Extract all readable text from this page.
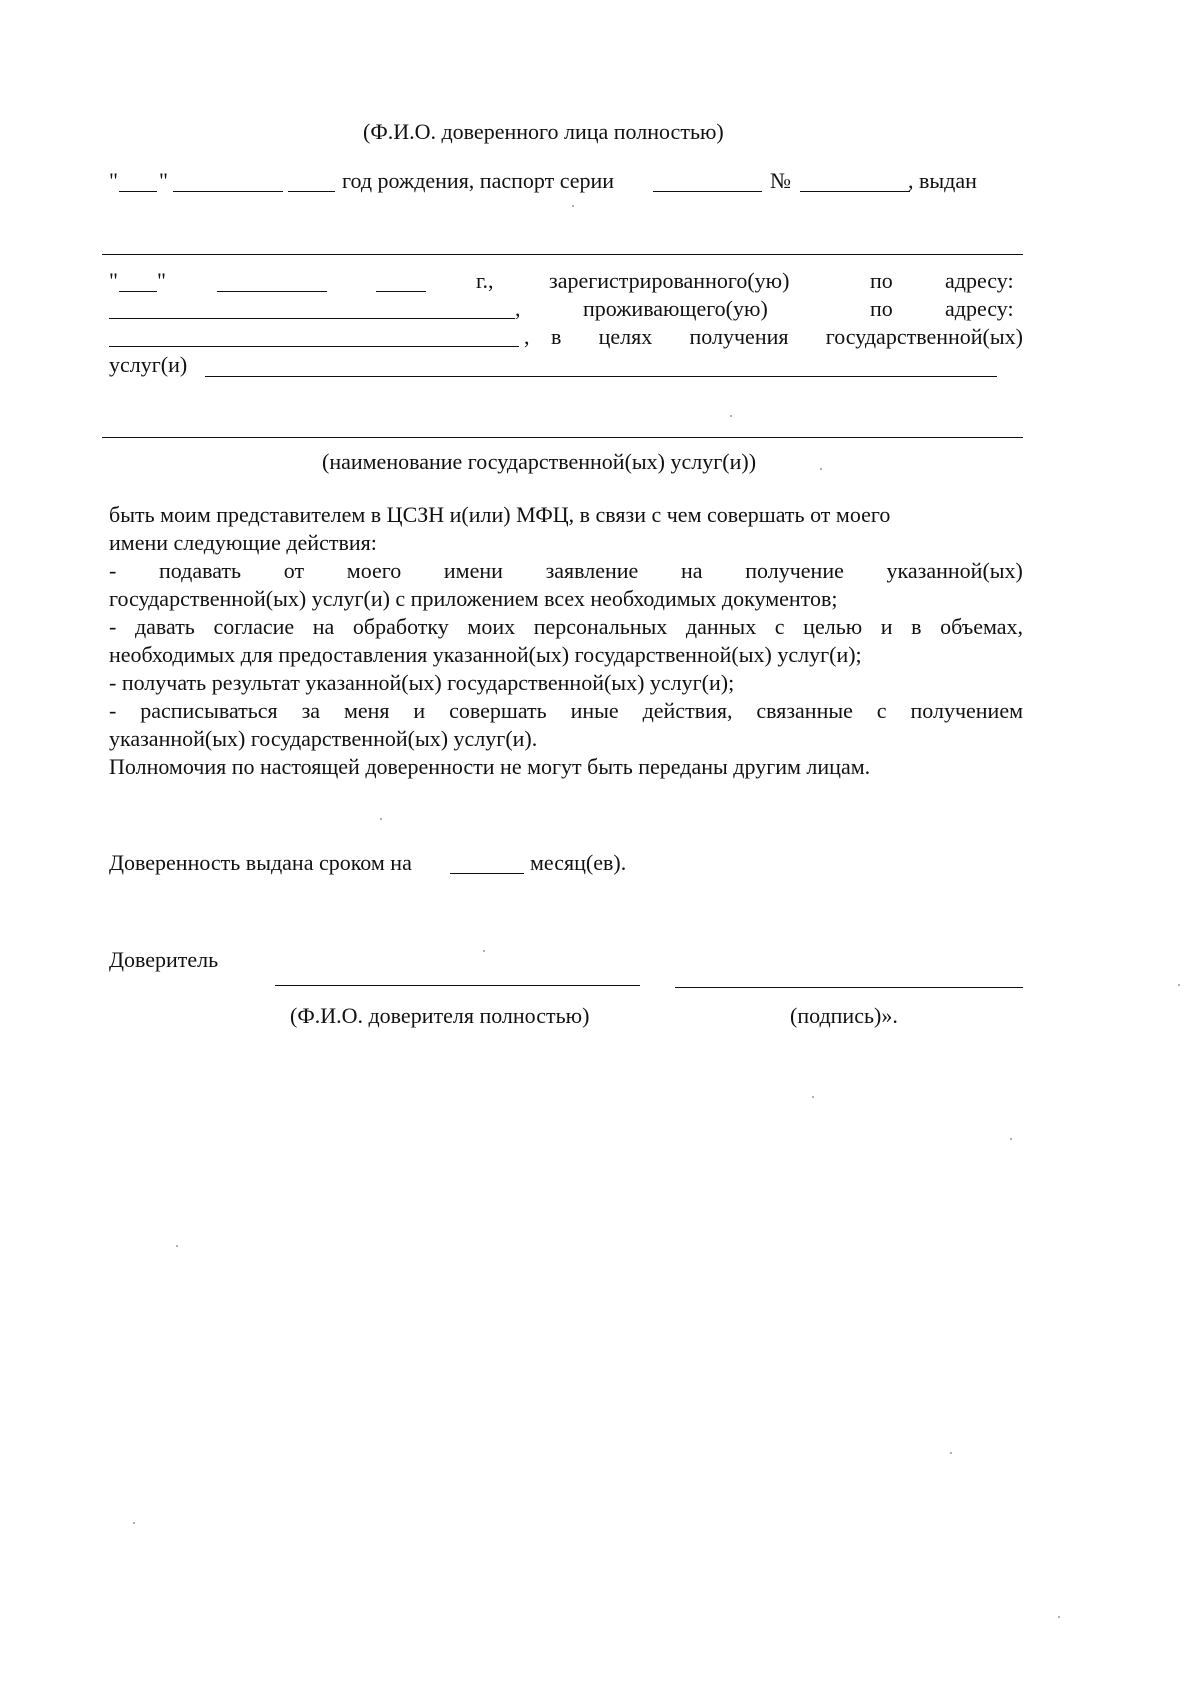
(Ф.И.О. доверенного лица полностью)
" "	год рождения, паспорт серии	№	, выдан
" "	г.,	зарегистрированного(ую)	по адресу:
,	проживающего(ую)	по адресу:
, в целях получения государственной(ых)
услуг(и)
(наименование государственной(ых) услуг(и))
быть моим представителем в ЦСЗН и(или) МФЦ, в связи с чем совершать от моего
имени следующие действия:
- подавать от моего имени заявление на получение указанной(ых)
государственной(ых) услуг(и) с приложением всех необходимых документов;
- давать согласие на обработку моих персональных данных с целью и в объемах,
необходимых для предоставления указанной(ых) государственной(ых) услуг(и);
- получать результат указанной(ых) государственной(ых) услуг(и);
- расписываться за меня и совершать иные действия, связанные с получением
указанной(ых) государственной(ых) услуг(и).
Полномочия по настоящей доверенности не могут быть переданы другим лицам.
Доверенность выдана сроком на	месяц(ев).
Доверитель
(Ф.И.О. доверителя полностью)	(подпись)».
